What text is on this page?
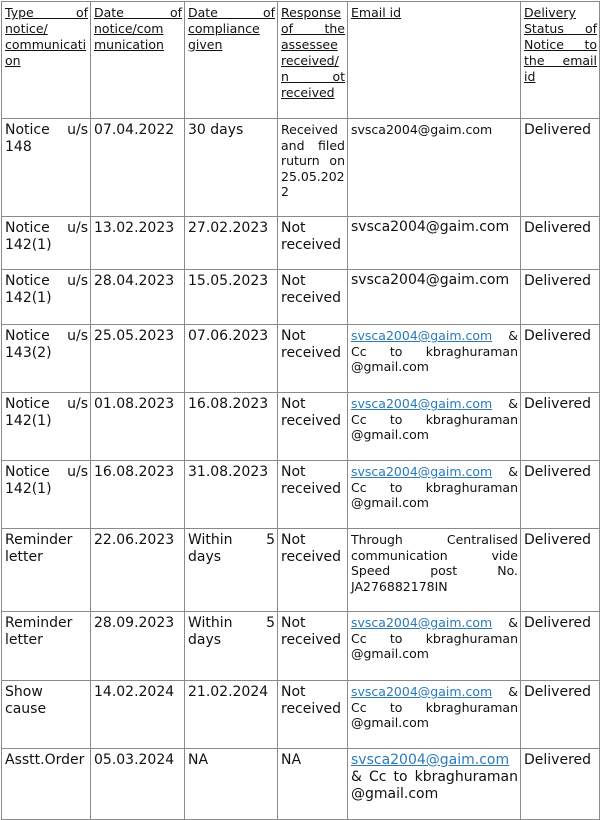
Type of notice/ communication	Date of notice/com munication	Date of compliance given	Response of the assessee received/n ot received	Email id	Delivery Status of Notice to the email id
Notice u/s 148	07.04.2022	30 days	Received and filed ruturn on 25.05.2022	svsca2004@gaim.com	Delivered
Notice u/s 142(1)	13.02.2023	27.02.2023	Not received	svsca2004@gaim.com	Delivered
Notice u/s 142(1)	28.04.2023	15.05.2023	Not received	svsca2004@gaim.com	Delivered
Notice u/s 143(2)	25.05.2023	07.06.2023	Not received	svsca2004@gaim.com & Cc to kbraghuraman @gmail.com	Delivered
Notice u/s 142(1)	01.08.2023	16.08.2023	Not received	svsca2004@gaim.com & Cc to kbraghuraman @gmail.com	Delivered
Notice u/s 142(1)	16.08.2023	31.08.2023	Not received	svsca2004@gaim.com & Cc to kbraghuraman @gmail.com	Delivered
Reminder letter	22.06.2023	Within 5 days	Not received	Through Centralised communication vide Speed post No. JA276882178IN	Delivered
Reminder letter	28.09.2023	Within 5 days	Not received	svsca2004@gaim.com & Cc to kbraghuraman @gmail.com	Delivered
Show cause	14.02.2024	21.02.2024	Not received	svsca2004@gaim.com & Cc to kbraghuraman @gmail.com	Delivered
Asstt.Order	05.03.2024	NA	NA	svsca2004@gaim.com & Cc to kbraghuraman @gmail.com	Delivered
